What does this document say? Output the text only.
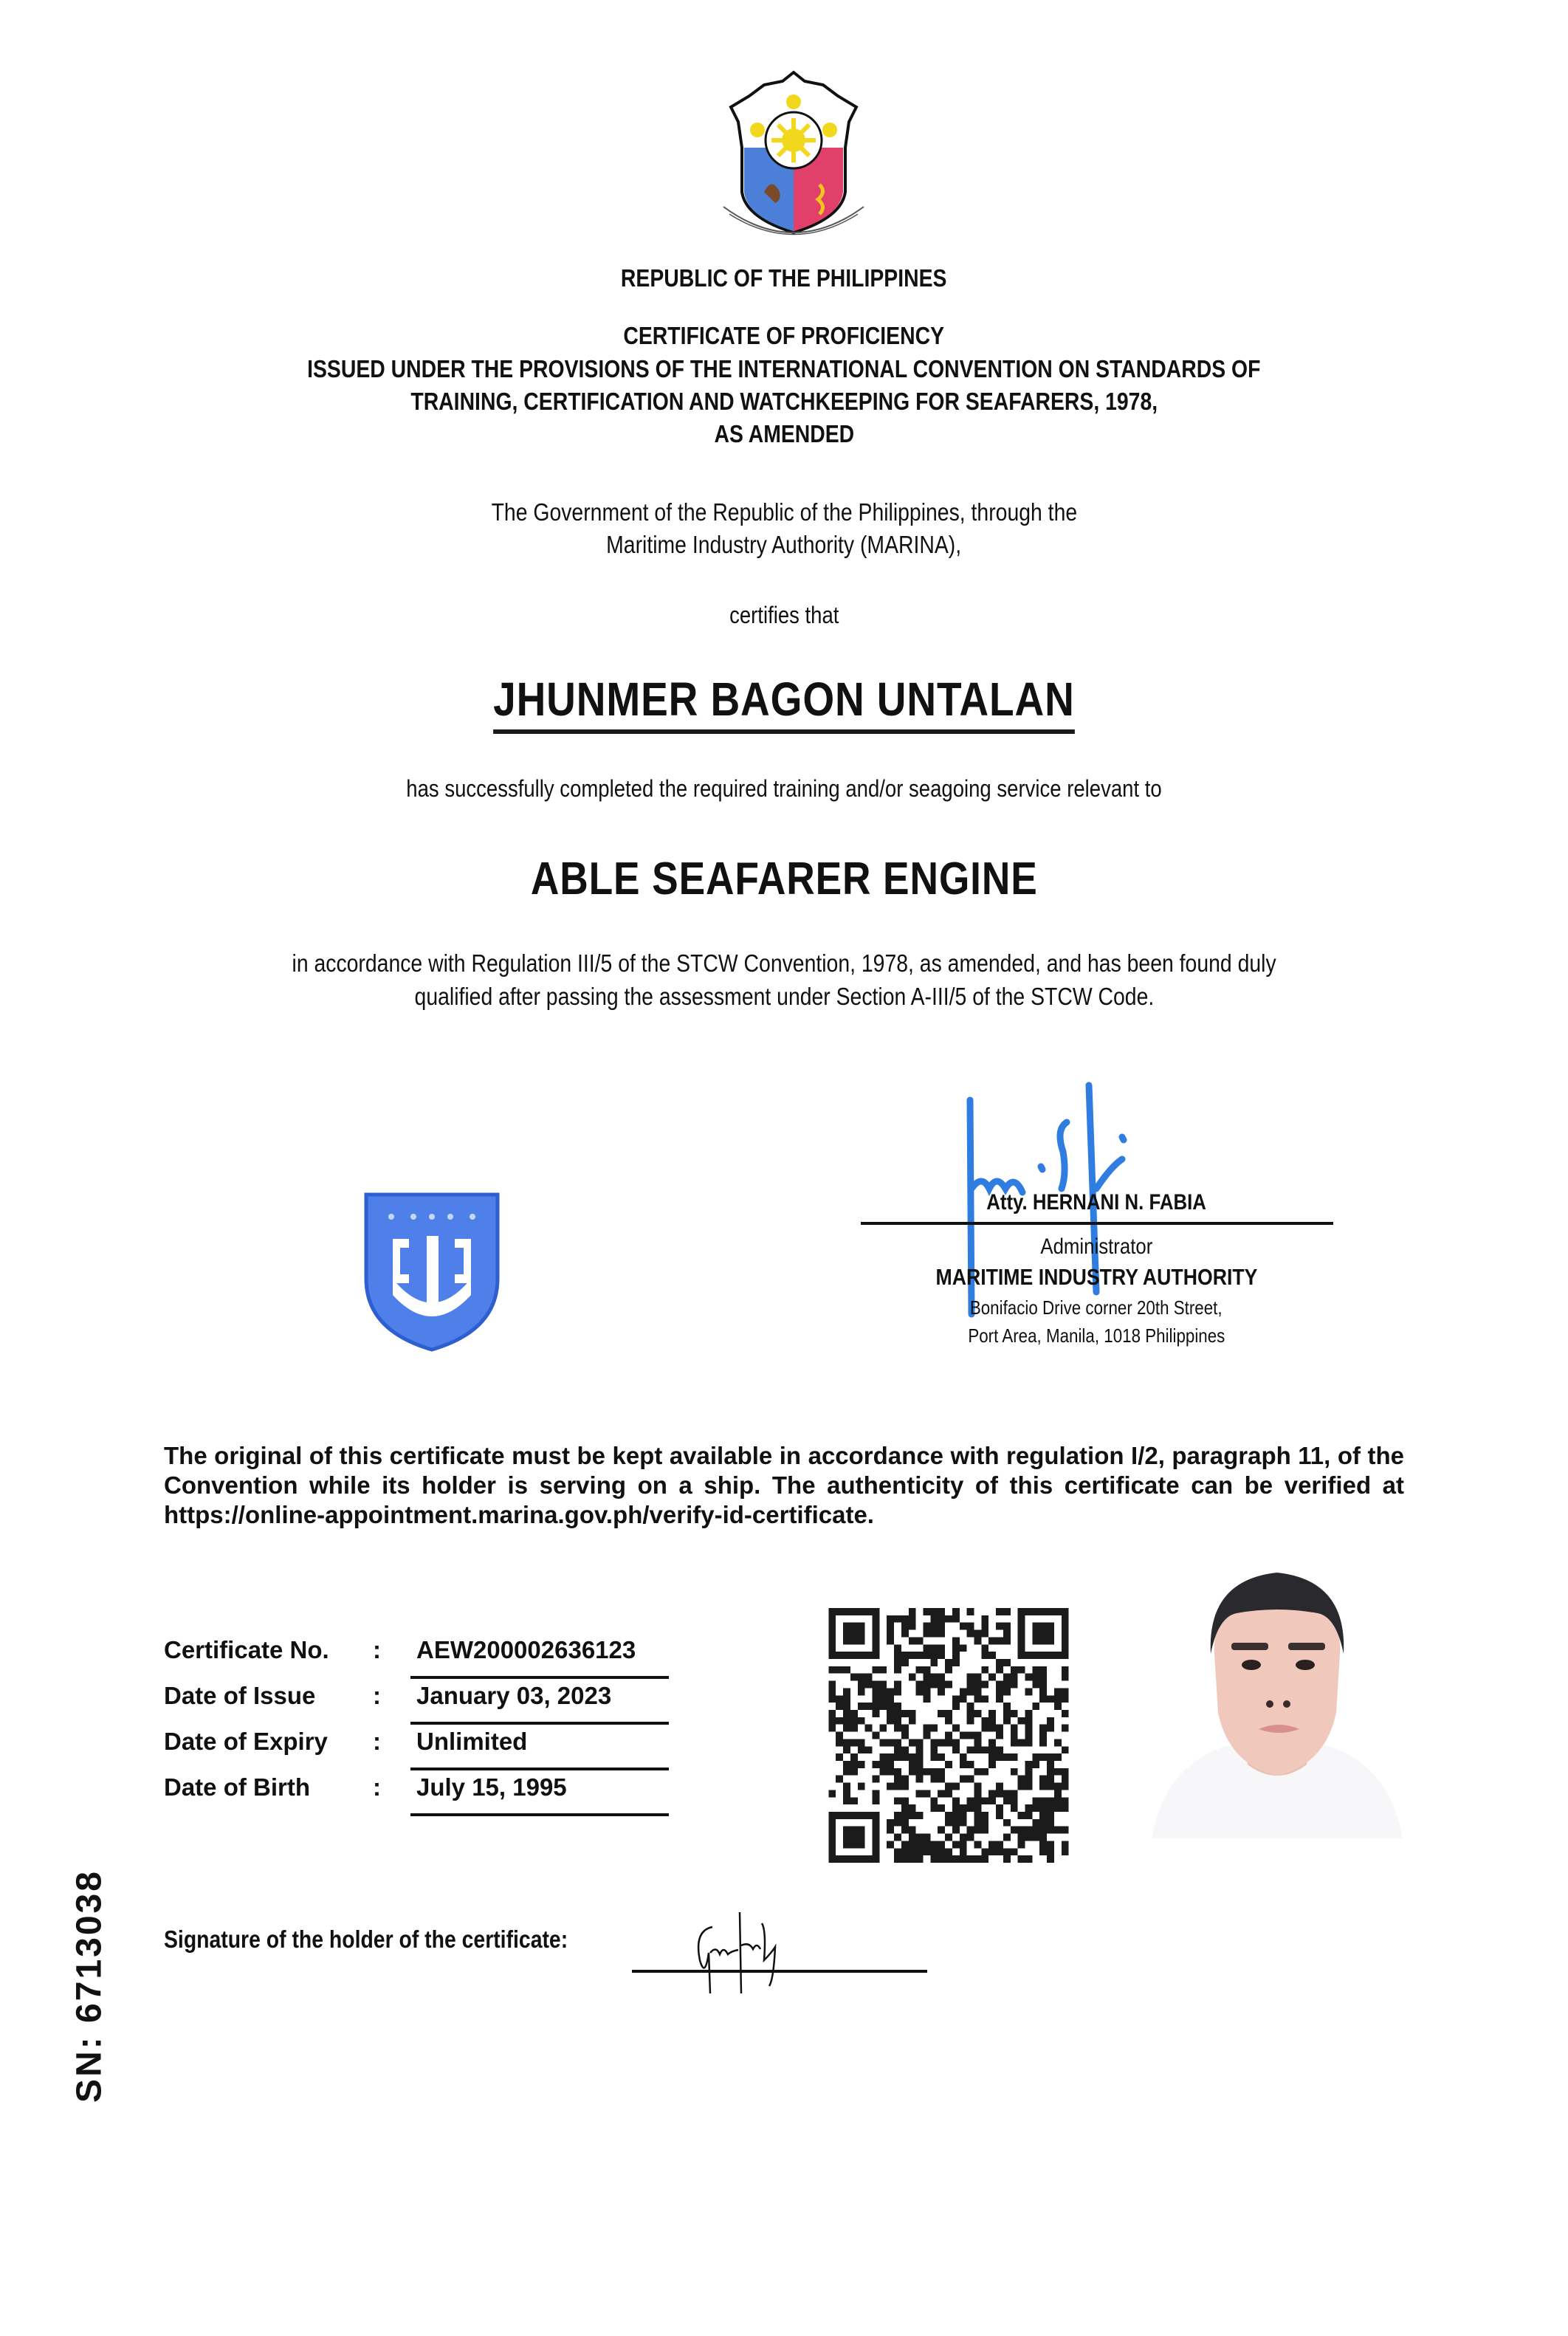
REPUBLIC OF THE PHILIPPINES
CERTIFICATE OF PROFICIENCY
ISSUED UNDER THE PROVISIONS OF THE INTERNATIONAL CONVENTION ON STANDARDS OF
TRAINING, CERTIFICATION AND WATCHKEEPING FOR SEAFARERS, 1978,
AS AMENDED
The Government of the Republic of the Philippines, through the
Maritime Industry Authority (MARINA),
certifies that
JHUNMER BAGON UNTALAN
has successfully completed the required training and/or seagoing service relevant to
ABLE SEAFARER ENGINE
in accordance with Regulation III/5 of the STCW Convention, 1978, as amended, and has been found duly
qualified after passing the assessment under Section A-III/5 of the STCW Code.
Atty. HERNANI N. FABIA
Administrator
MARITIME INDUSTRY AUTHORITY
Bonifacio Drive corner 20th Street,
Port Area, Manila, 1018 Philippines
The original of this certificate must be kept available in accordance with regulation I/2, paragraph 11, of the Convention while its holder is serving on a ship. The authenticity of this certificate can be verified at https://online-appointment.marina.gov.ph/verify-id-certificate.
Certificate No. : AEW200002636123
Date of Issue : January 03, 2023
Date of Expiry : Unlimited
Date of Birth	: July 15, 1995
Signature of the holder of the certificate:
SN: 6713038
